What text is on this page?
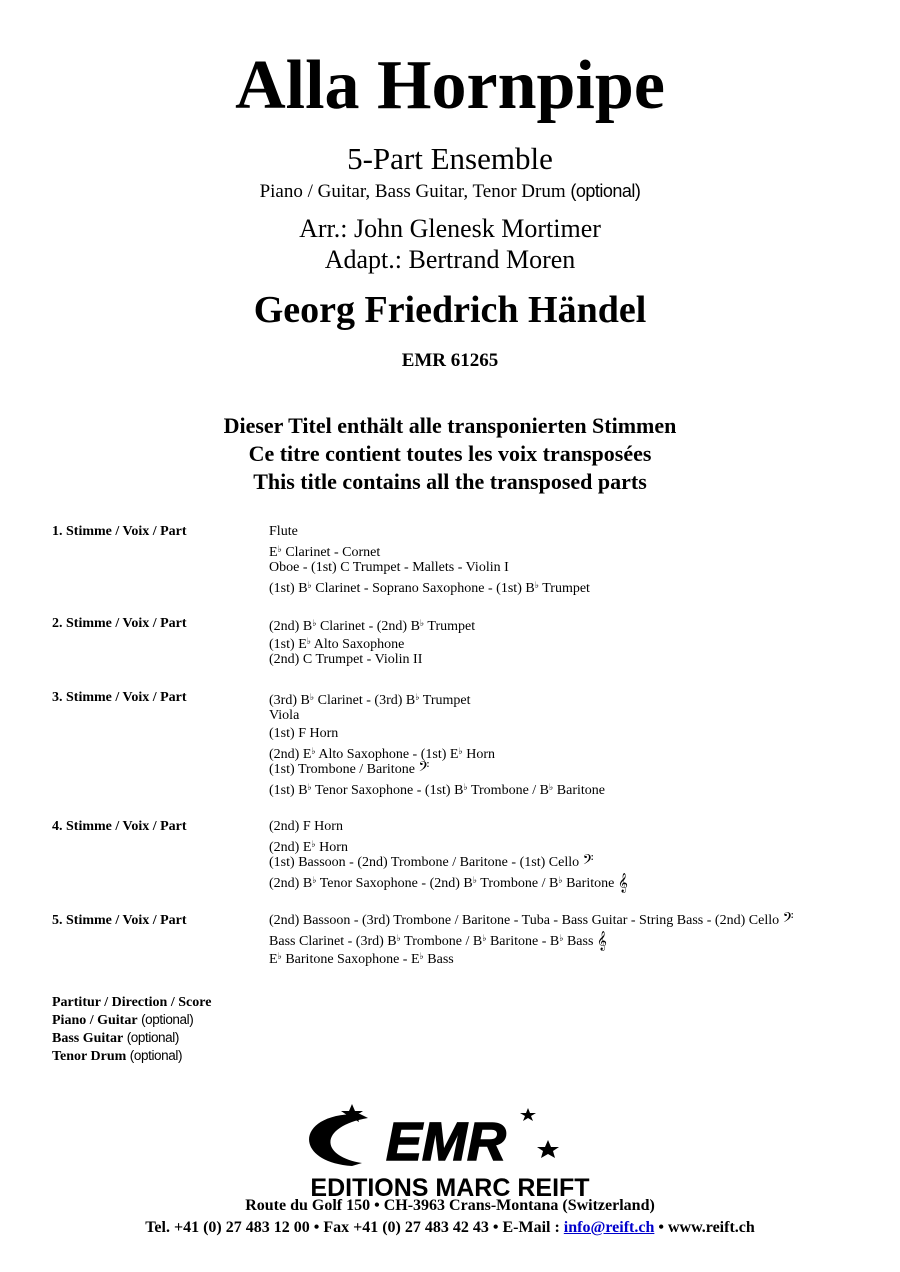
Alla Hornpipe
5-Part Ensemble
Piano / Guitar, Bass Guitar, Tenor Drum (optional)
Arr.: John Glenesk Mortimer
Adapt.: Bertrand Moren
Georg Friedrich Händel
EMR 61265
Dieser Titel enthält alle transponierten Stimmen
Ce titre contient toutes les voix transposées
This title contains all the transposed parts
1. Stimme / Voix / Part	Flute
E♭ Clarinet - Cornet
Oboe - (1st) C Trumpet - Mallets - Violin I
(1st) B♭ Clarinet - Soprano Saxophone - (1st) B♭ Trumpet
2. Stimme / Voix / Part	(2nd) B♭ Clarinet - (2nd) B♭ Trumpet
(1st) E♭ Alto Saxophone
(2nd) C Trumpet - Violin II
3. Stimme / Voix / Part	(3rd) B♭ Clarinet - (3rd) B♭ Trumpet
Viola
(1st) F Horn
(2nd) E♭ Alto Saxophone - (1st) E♭ Horn
(1st) Trombone / Baritone 𝄢
(1st) B♭ Tenor Saxophone - (1st) B♭ Trombone / B♭ Baritone
4. Stimme / Voix / Part	(2nd) F Horn
(2nd) E♭ Horn
(1st) Bassoon - (2nd) Trombone / Baritone - (1st) Cello 𝄢
(2nd) B♭ Tenor Saxophone - (2nd) B♭ Trombone / B♭ Baritone 𝄞
5. Stimme / Voix / Part	(2nd) Bassoon - (3rd) Trombone / Baritone - Tuba - Bass Guitar - String Bass - (2nd) Cello 𝄢
Bass Clarinet - (3rd) B♭ Trombone / B♭ Baritone - B♭ Bass 𝄞
E♭ Baritone Saxophone - E♭ Bass
Partitur / Direction / Score
Piano / Guitar (optional)
Bass Guitar (optional)
Tenor Drum (optional)
EMR
EDITIONS MARC REIFT
Route du Golf 150 • CH-3963 Crans-Montana (Switzerland)
Tel. +41 (0) 27 483 12 00 • Fax +41 (0) 27 483 42 43 • E-Mail : info@reift.ch • www.reift.ch
